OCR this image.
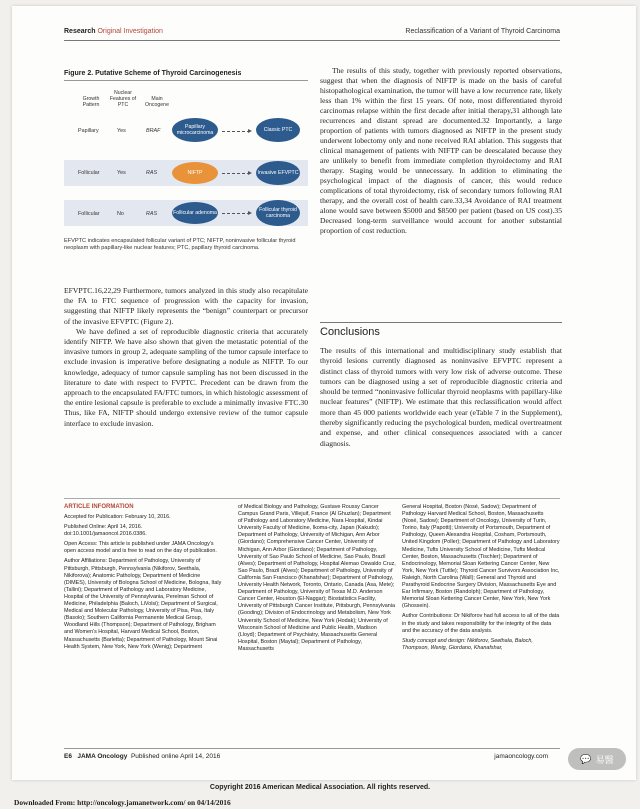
Research Original Investigation	Reclassification of a Variant of Thyroid Carcinoma
Figure 2. Putative Scheme of Thyroid Carcinogenesis
Growth Pattern
Nuclear Features of PTC
Main Oncogene
Papillary	Yes	BRAF
Papillary microcarcinoma	Classic PTC
Follicular	Yes	RAS	NIFTP	Invasive EFVPTC
Follicular	No	RAS	Follicular adenoma	Follicular thyroid carcinoma
EFVPTC indicates encapsulated follicular variant of PTC; NIFTP, noninvasive follicular thyroid neoplasm with papillary-like nuclear features; PTC, papillary thyroid carcinoma.

EFVPTC.16,22,29 Furthermore, tumors analyzed in this study also recapitulate the FA to FTC sequence of progression with the capacity for invasion, suggesting that NIFTP likely represents the “benign” counterpart or precursor of the invasive EFVPTC (Figure 2).

We have defined a set of reproducible diagnostic criteria that accurately identify NIFTP. We have also shown that given the metastatic potential of the invasive tumors in group 2, adequate sampling of the tumor capsule interface to exclude invasion is imperative before designating a nodule as NIFTP. To our knowledge, adequacy of tumor capsule sampling has not been discussed in the literature to date with respect to FVPTC. Precedent can be drawn from the approach to the encapsulated FA/FTC tumors, in which histologic assessment of the entire lesional capsule is preferable to exclude a minimally invasive FTC.30 Thus, like FA, NIFTP should undergo extensive review of the tumor capsule interface to exclude invasion.

The results of this study, together with previously reported observations, suggest that when the diagnosis of NIFTP is made on the basis of careful histopathological examination, the tumor will have a low recurrence rate, likely less than 1% within the first 15 years. Of note, most differentiated thyroid carcinomas relapse within the first decade after initial therapy,31 although late recurrences and distant spread are documented.32 Importantly, a large proportion of patients with tumors diagnosed as NIFTP in the present study underwent lobectomy only and none received RAI ablation. This suggests that clinical management of patients with NIFTP can be deescalated because they are unlikely to benefit from immediate completion thyroidectomy and RAI therapy. Staging would be unnecessary. In addition to eliminating the psychological impact of the diagnosis of cancer, this would reduce complications of total thyroidectomy, risk of secondary tumors following RAI therapy, and the overall cost of health care.33,34 Avoidance of RAI treatment alone would save between $5000 and $8500 per patient (based on US cost).35 Decreased long-term surveillance would account for another substantial proportion of cost reduction.

Conclusions

The results of this international and multidisciplinary study establish that thyroid lesions currently diagnosed as noninvasive EFVPTC represent a distinct class of thyroid tumors with very low risk of adverse outcome. These tumors can be diagnosed using a set of reproducible diagnostic criteria and should be termed “noninvasive follicular thyroid neoplasms with papillary-like nuclear features” (NIFTP). We estimate that this reclassification would affect more than 45 000 patients worldwide each year (eTable 7 in the Supplement), thereby significantly reducing the psychological burden, medical overtreatment and expense, and other clinical consequences associated with a cancer diagnosis.

ARTICLE INFORMATION

Accepted for Publication: February 10, 2016.

Published Online: April 14, 2016. doi:10.1001/jamaoncol.2016.0386.

Open Access: This article is published under JAMA Oncology’s open access model and is free to read on the day of publication.

Author Affiliations: Department of Pathology, University of Pittsburgh, Pittsburgh, Pennsylvania (Nikiforov, Seethala, Nikiforova); Anatomic Pathology, Department of Medicine (DIMES), University of Bologna School of Medicine, Bologna, Italy (Tallini); Department of Pathology and Laboratory Medicine, Hospital of the University of Pennsylvania, Perelman School of Medicine, Philadelphia (Baloch, LiVolsi); Department of Surgical, Medical and Molecular Pathology, University of Pisa, Pisa, Italy (Basolo); Southern California Permanente Medical Group, Woodland Hills (Thompson); Department of Pathology, Brigham and Women’s Hospital, Harvard Medical School, Boston, Massachusetts (Barletta); Department of Pathology, Mount Sinai Health System, New York, New York (Wenig); Department

of Medical Biology and Pathology, Gustave Roussy Cancer Campus Grand Paris, Villejuif, France (Al Ghuzlan); Department of Pathology and Laboratory Medicine, Nara Hospital, Kindai University Faculty of Medicine, Ikoma-city, Japan (Kakudo); Department of Pathology, University of Michigan, Ann Arbor (Giordano); Comprehensive Cancer Center, University of Michigan, Ann Arbor (Giordano); Department of Pathology, University of Sao Paulo School of Medicine, Sao Paulo, Brazil (Alves); Department of Pathology, Hospital Alemao Oswaldo Cruz, Sao Paulo, Brazil (Alves); Department of Pathology, University of California San Francisco (Khanafshar); Department of Pathology, University Health Network, Toronto, Ontario, Canada (Asa, Mete); Department of Pathology, University of Texas M.D. Anderson Cancer Center, Houston (El-Naggar); Biostatistics Facility, University of Pittsburgh Cancer Institute, Pittsburgh, Pennsylvania (Gooding); Division of Endocrinology and Metabolism, New York University School of Medicine, New York (Hodak); University of Wisconsin School of Medicine and Public Health, Madison (Lloyd); Department of Psychiatry, Massachusetts General Hospital, Boston (Maytal); Department of Pathology, Massachusetts

General Hospital, Boston (Nosé, Sadow); Department of Pathology Harvard Medical School, Boston, Massachusetts (Nosé, Sadow); Department of Oncology, University of Turin, Torino, Italy (Papotti); University of Portsmouth, Department of Pathology, Queen Alexandra Hospital, Cosham, Portsmouth, United Kingdom (Poller); Department of Pathology and Laboratory Medicine, Tufts University School of Medicine, Tufts Medical Center, Boston, Massachusetts (Tischler); Department of Endocrinology, Memorial Sloan Kettering Cancer Center, New York, New York (Tuttle); Thyroid Cancer Survivors Association Inc, Raleigh, North Carolina (Wall); General and Thyroid and Parathyroid Endocrine Surgery Division, Massachusetts Eye and Ear Infirmary, Boston (Randolph); Department of Pathology, Memorial Sloan Kettering Cancer Center, New York, New York (Ghossein).

Author Contributions: Dr Nikiforov had full access to all of the data in the study and takes responsibility for the integrity of the data and the accuracy of the data analysis.

Study concept and design: Nikiforov, Seethala, Baloch, Thompson, Wenig, Giordano, Khanafshar,

E6 JAMA Oncology Published online April 14, 2016	jamaoncology.com	💬 易醫
Copyright 2016 American Medical Association. All rights reserved.
Downloaded From: http://oncology.jamanetwork.com/ on 04/14/2016
